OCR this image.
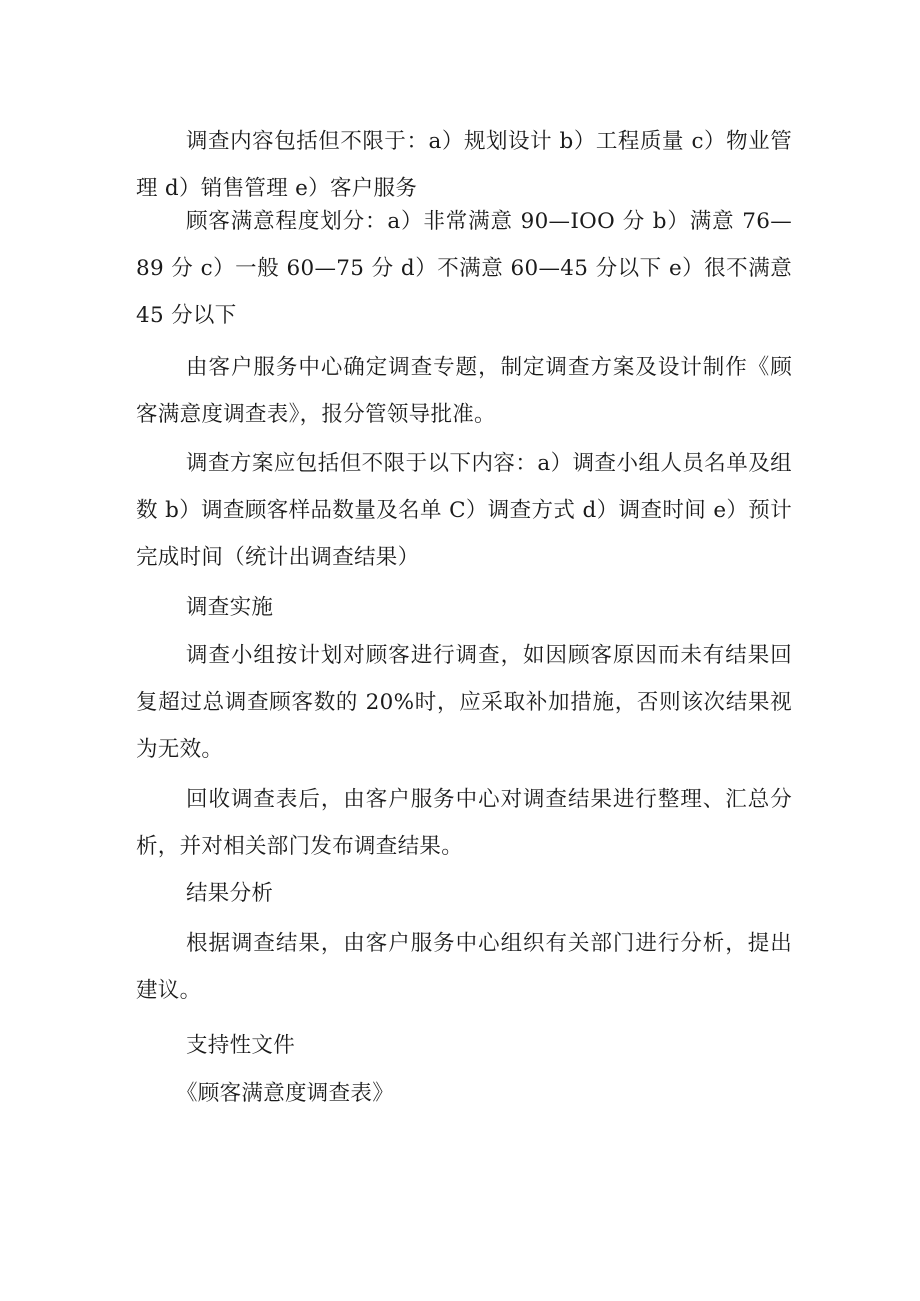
调查内容包括但不限于：a）规划设计 b）工程质量 c）物业管理 d）销售管理 e）客户服务

顾客满意程度划分：a）非常满意 90—IOO 分 b）满意 76—89 分 c）一般 60—75 分 d）不满意 60—45 分以下 e）很不满意 45 分以下

由客户服务中心确定调查专题，制定调查方案及设计制作《顾客满意度调查表》，报分管领导批准。

调查方案应包括但不限于以下内容：a）调查小组人员名单及组数 b）调查顾客样品数量及名单 C）调查方式 d）调查时间 e）预计完成时间（统计出调查结果）

调查实施

调查小组按计划对顾客进行调查，如因顾客原因而未有结果回复超过总调查顾客数的 20%时，应采取补加措施，否则该次结果视为无效。

回收调查表后，由客户服务中心对调查结果进行整理、汇总分析，并对相关部门发布调查结果。

结果分析

根据调查结果，由客户服务中心组织有关部门进行分析，提出建议。

支持性文件

《顾客满意度调查表》
